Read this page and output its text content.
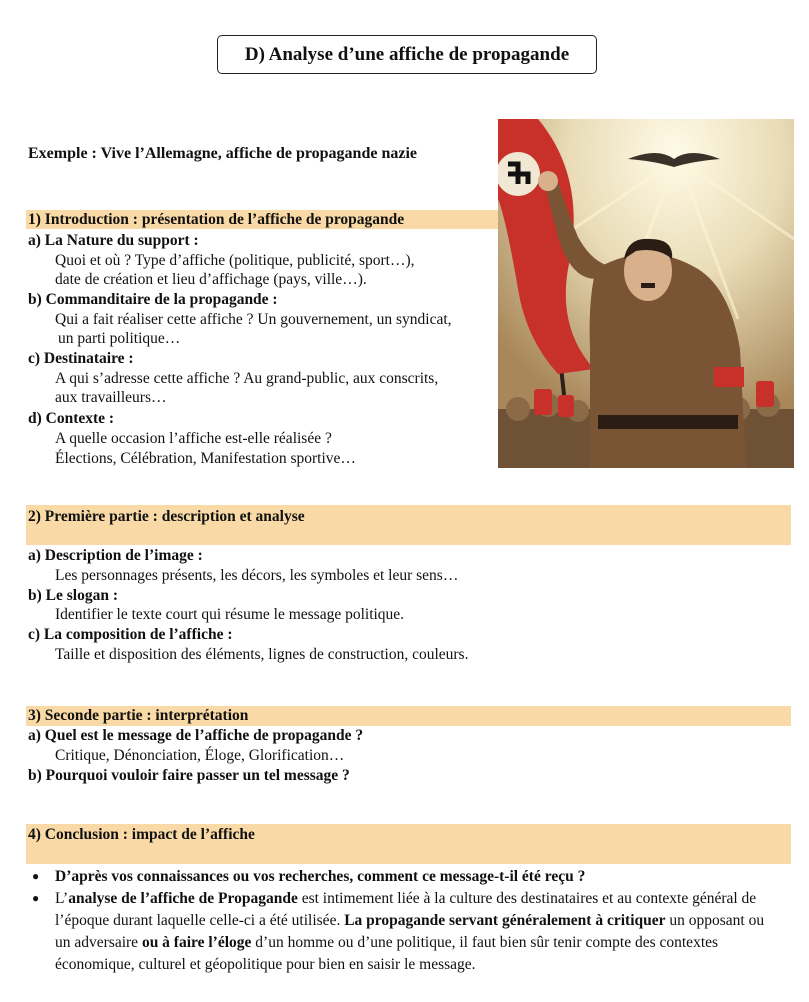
D) Analyse d’une affiche de propagande
Exemple : Vive l’Allemagne, affiche de propagande nazie
1) Introduction : présentation de l’affiche de propagande
a) La Nature du support :
Quoi et où ? Type d’affiche (politique, publicité, sport…),
date de création et lieu d’affichage (pays, ville…).
b) Commanditaire de la propagande :
Qui a fait réaliser cette affiche ? Un gouvernement, un syndicat,
un parti politique…
c) Destinataire :
A qui s’adresse cette affiche ? Au grand-public, aux conscrits,
aux travailleurs…
d) Contexte :
A quelle occasion l’affiche est-elle réalisée ?
Élections, Célébration, Manifestation sportive…
2) Première partie : description et analyse
a) Description de l’image :
Les personnages présents, les décors, les symboles et leur sens…
b) Le slogan :
Identifier le texte court qui résume le message politique.
c) La composition de l’affiche :
Taille et disposition des éléments, lignes de construction, couleurs.
3) Seconde partie : interprétation
a) Quel est le message de l’affiche de propagande ?
Critique, Dénonciation, Éloge, Glorification…
b) Pourquoi vouloir faire passer un tel message ?
4) Conclusion : impact de l’affiche
● D’après vos connaissances ou vos recherches, comment ce message-t-il été reçu ?
● L’analyse de l’affiche de Propagande est intimement liée à la culture des destinataires et au contexte général de l’époque durant laquelle celle-ci a été utilisée. La propagande servant généralement à critiquer un opposant ou un adversaire ou à faire l’éloge d’un homme ou d’une politique, il faut bien sûr tenir compte des contextes économique, culturel et géopolitique pour bien en saisir le message.
